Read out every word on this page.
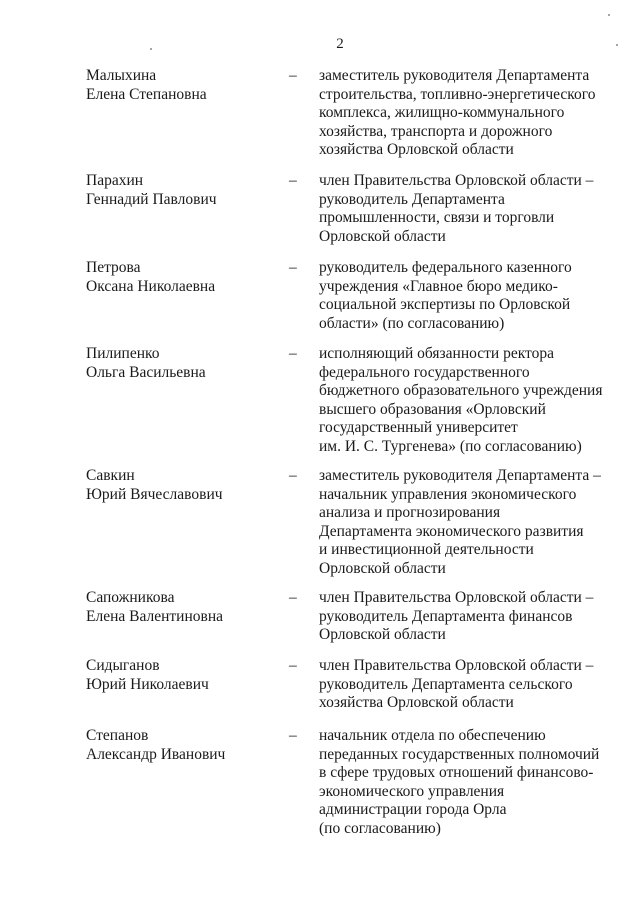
2
Малыхина
Елена Степановна
– заместитель руководителя Департамента
строительства, топливно-энергетического
комплекса, жилищно-коммунального
хозяйства, транспорта и дорожного
хозяйства Орловской области
Парахин
Геннадий Павлович
– член Правительства Орловской области –
руководитель Департамента
промышленности, связи и торговли
Орловской области
Петрова
Оксана Николаевна
– руководитель федерального казенного
учреждения «Главное бюро медико-
социальной экспертизы по Орловской
области» (по согласованию)
Пилипенко
Ольга Васильевна
– исполняющий обязанности ректора
федерального государственного
бюджетного образовательного учреждения
высшего образования «Орловский
государственный университет
им. И. С. Тургенева» (по согласованию)
Савкин
Юрий Вячеславович
– заместитель руководителя Департамента –
начальник управления экономического
анализа и прогнозирования
Департамента экономического развития
и инвестиционной деятельности
Орловской области
Сапожникова
Елена Валентиновна
– член Правительства Орловской области –
руководитель Департамента финансов
Орловской области
Сидыганов
Юрий Николаевич
– член Правительства Орловской области –
руководитель Департамента сельского
хозяйства Орловской области
Степанов
Александр Иванович
– начальник отдела по обеспечению
переданных государственных полномочий
в сфере трудовых отношений финансово-
экономического управления
администрации города Орла
(по согласованию)
